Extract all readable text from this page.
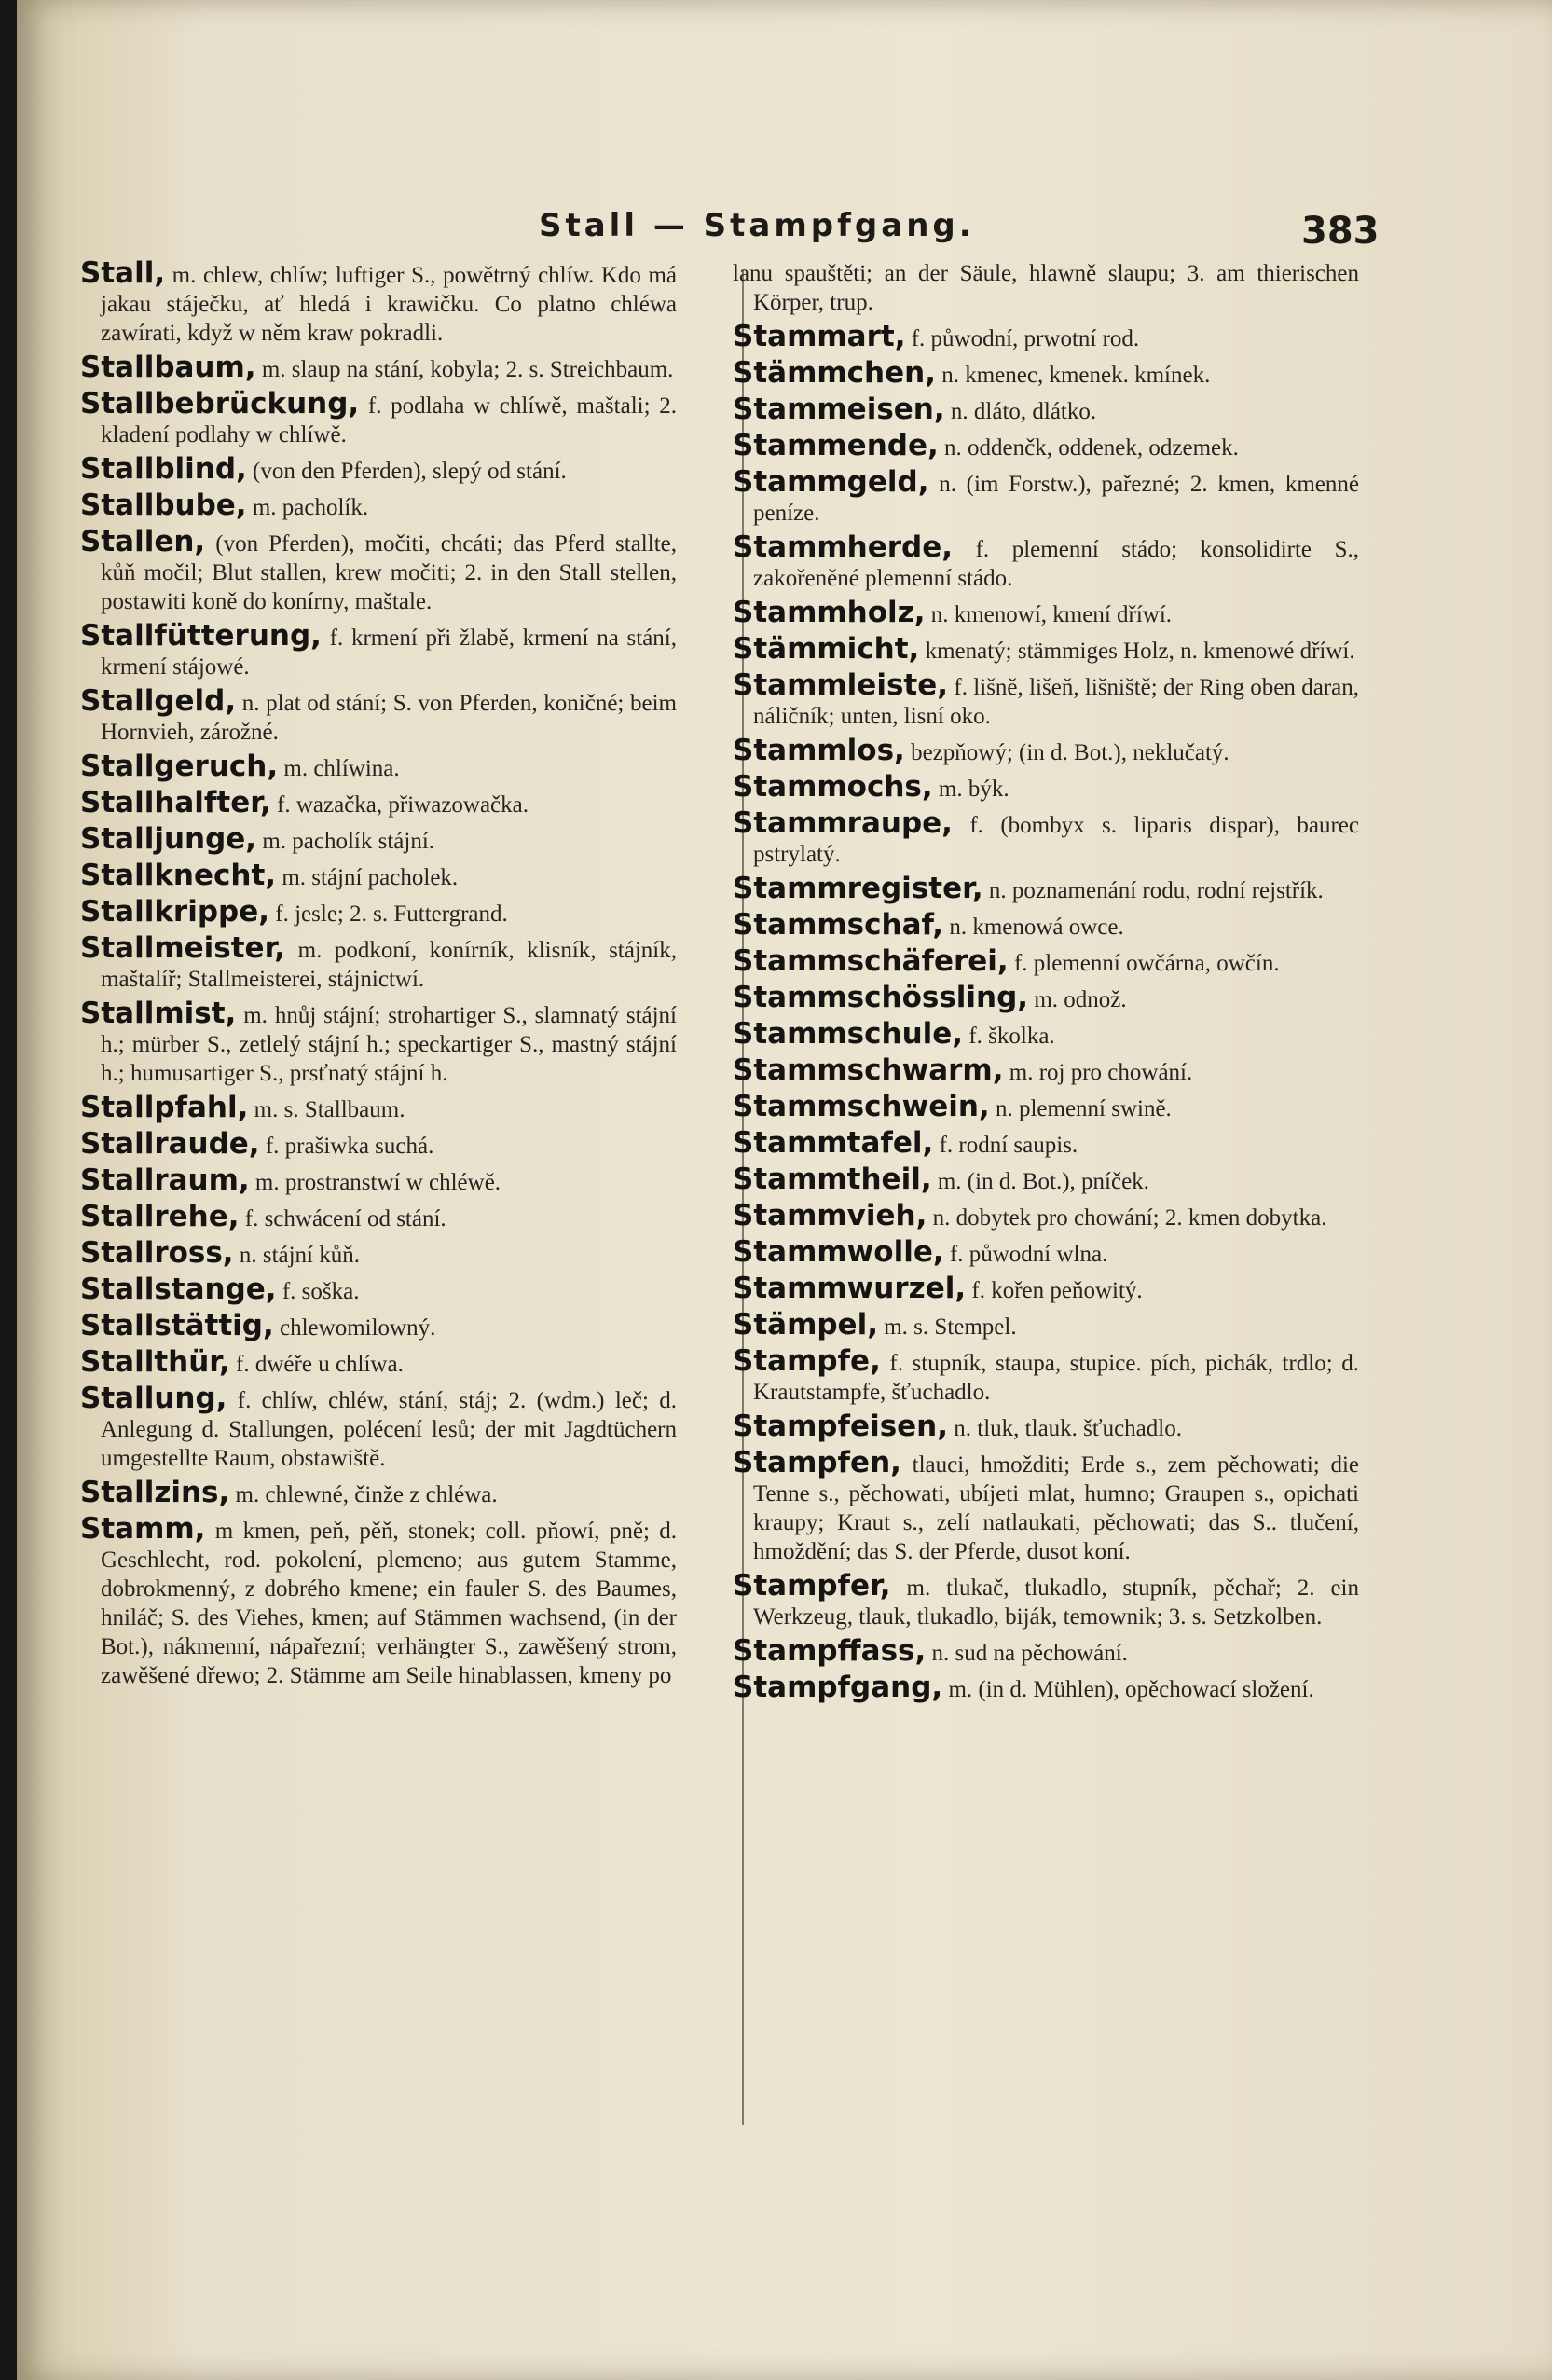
Stall — Stampfgang.	383

Stall, m. chlew, chlíw; luftiger S., powětrný chlíw. Kdo má jakau stáječku, ať hledá i krawičku. Co platno chléwa zawírati, když w něm kraw pokradli.

Stallbaum, m. slaup na stání, kobyla; 2. s. Streichbaum.

Stallbebrückung, f. podlaha w chlíwě, maštali; 2. kladení podlahy w chlíwě.

Stallblind, (von den Pferden), slepý od stání.

Stallbube, m. pacholík.

Stallen, (von Pferden), močiti, chcáti; das Pferd stallte, kůň močil; Blut stallen, krew močiti; 2. in den Stall stellen, postawiti koně do konírny, maštale.

Stallfütterung, f. krmení při žlabě, krmení na stání, krmení stájowé.

Stallgeld, n. plat od stání; S. von Pferden, koničné; beim Hornvieh, zárožné.

Stallgeruch, m. chlíwina.

Stallhalfter, f. wazačka, přiwazowačka.

Stalljunge, m. pacholík stájní.

Stallknecht, m. stájní pacholek.

Stallkrippe, f. jesle; 2. s. Futtergrand.

Stallmeister, m. podkoní, konírník, klisník, stájník, maštalíř; Stallmeisterei, stájnictwí.

Stallmist, m. hnůj stájní; strohartiger S., slamnatý stájní h.; mürber S., zetlelý stájní h.; speckartiger S., mastný stájní h.; humusartiger S., prsťnatý stájní h.

Stallpfahl, m. s. Stallbaum.

Stallraude, f. prašiwka suchá.

Stallraum, m. prostranstwí w chléwě.

Stallrehe, f. schwácení od stání.

Stallross, n. stájní kůň.

Stallstange, f. soška.

Stallstättig, chlewomilowný.

Stallthür, f. dwéře u chlíwa.

Stallung, f. chlíw, chléw, stání, stáj; 2. (wdm.) leč; d. Anlegung d. Stallungen, polécení lesů; der mit Jagdtüchern umgestellte Raum, obstawiště.

Stallzins, m. chlewné, činže z chléwa.

Stamm, m kmen, peň, pěň, stonek; coll. pňowí, pně; d. Geschlecht, rod. pokolení, plemeno; aus gutem Stamme, dobrokmenný, z dobrého kmene; ein fauler S. des Baumes, hniláč; S. des Viehes, kmen; auf Stämmen wachsend, (in der Bot.), nákmenní, nápařezní; verhängter S., zawěšený strom, zawěšené dřewo; 2. Stämme am Seile hinablassen, kmeny po

lanu spauštěti; an der Säule, hlawně slaupu; 3. am thierischen Körper, trup.

Stammart, f. půwodní, prwotní rod.

Stämmchen, n. kmenec, kmenek. kmínek.

Stammeisen, n. dláto, dlátko.

Stammende, n. oddenčk, oddenek, odzemek.

Stammgeld, n. (im Forstw.), pařezné; 2. kmen, kmenné peníze.

Stammherde, f. plemenní stádo; konsolidirte S., zakořeněné plemenní stádo.

Stammholz, n. kmenowí, kmení dříwí.

Stämmicht, kmenatý; stämmiges Holz, n. kmenowé dříwí.

Stammleiste, f. lišně, lišeň, lišniště; der Ring oben daran, náličník; unten, lisní oko.

Stammlos, bezpňowý; (in d. Bot.), neklučatý.

Stammochs, m. býk.

Stammraupe, f. (bombyx s. liparis dispar), baurec pstrylatý.

Stammregister, n. poznamenání rodu, rodní rejstřík.

Stammschaf, n. kmenowá owce.

Stammschäferei, f. plemenní owčárna, owčín.

Stammschössling, m. odnož.

Stammschule, f. školka.

Stammschwarm, m. roj pro chowání.

Stammschwein, n. plemenní swině.

Stammtafel, f. rodní saupis.

Stammtheil, m. (in d. Bot.), pníček.

Stammvieh, n. dobytek pro chowání; 2. kmen dobytka.

Stammwolle, f. půwodní wlna.

Stammwurzel, f. kořen peňowitý.

Stämpel, m. s. Stempel.

Stampfe, f. stupník, staupa, stupice. pích, pichák, trdlo; d. Krautstampfe, šťuchadlo.

Stampfeisen, n. tluk, tlauk. šťuchadlo.

Stampfen, tlauci, hmožditi; Erde s., zem pěchowati; die Tenne s., pěchowati, ubíjeti mlat, humno; Graupen s., opichati kraupy; Kraut s., zelí natlaukati, pěchowati; das S.. tlučení, hmoždění; das S. der Pferde, dusot koní.

Stampfer, m. tlukač, tlukadlo, stupník, pěchař; 2. ein Werkzeug, tlauk, tlukadlo, biják, temownik; 3. s. Setzkolben.

Stampffass, n. sud na pěchowání.

Stampfgang, m. (in d. Mühlen), opěchowací složení.
